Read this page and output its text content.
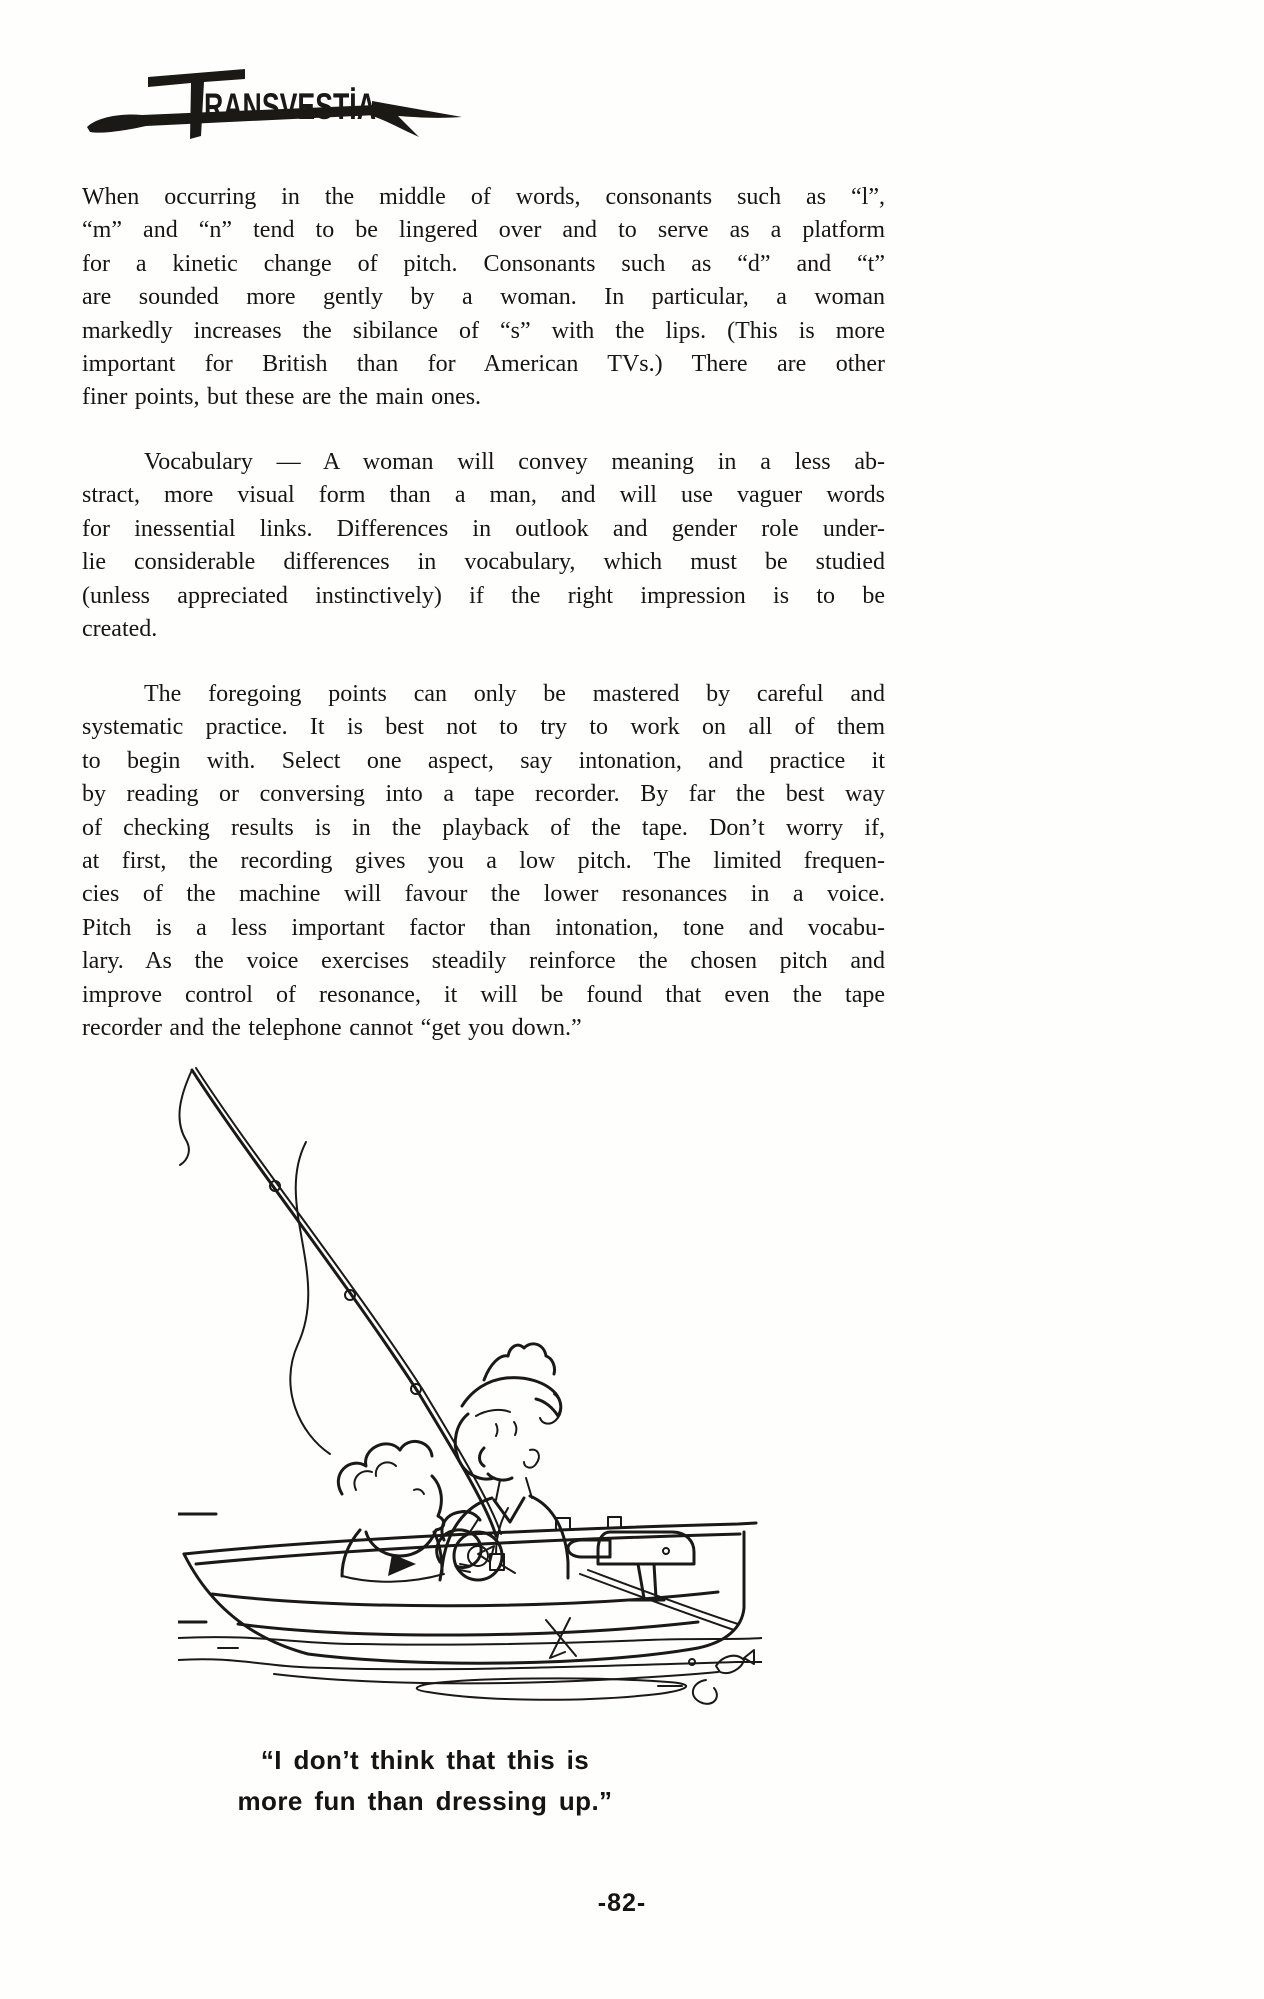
RANSVESTİA
When occurring in the middle of words, consonants such as “l”,
“m” and “n” tend to be lingered over and to serve as a platform
for a kinetic change of pitch. Consonants such as “d” and “t”
are sounded more gently by a woman. In particular, a woman
markedly increases the sibilance of “s” with the lips. (This is more
important for British than for American TVs.) There are other
finer points, but these are the main ones.
Vocabulary — A woman will convey meaning in a less ab-
stract, more visual form than a man, and will use vaguer words
for inessential links. Differences in outlook and gender role under-
lie considerable differences in vocabulary, which must be studied
(unless appreciated instinctively) if the right impression is to be
created.
The foregoing points can only be mastered by careful and
systematic practice. It is best not to try to work on all of them
to begin with. Select one aspect, say intonation, and practice it
by reading or conversing into a tape recorder. By far the best way
of checking results is in the playback of the tape. Don’t worry if,
at first, the recording gives you a low pitch. The limited frequen-
cies of the machine will favour the lower resonances in a voice.
Pitch is a less important factor than intonation, tone and vocabu-
lary. As the voice exercises steadily reinforce the chosen pitch and
improve control of resonance, it will be found that even the tape
recorder and the telephone cannot “get you down.”
“I don’t think that this is
more fun than dressing up.”
-82-
